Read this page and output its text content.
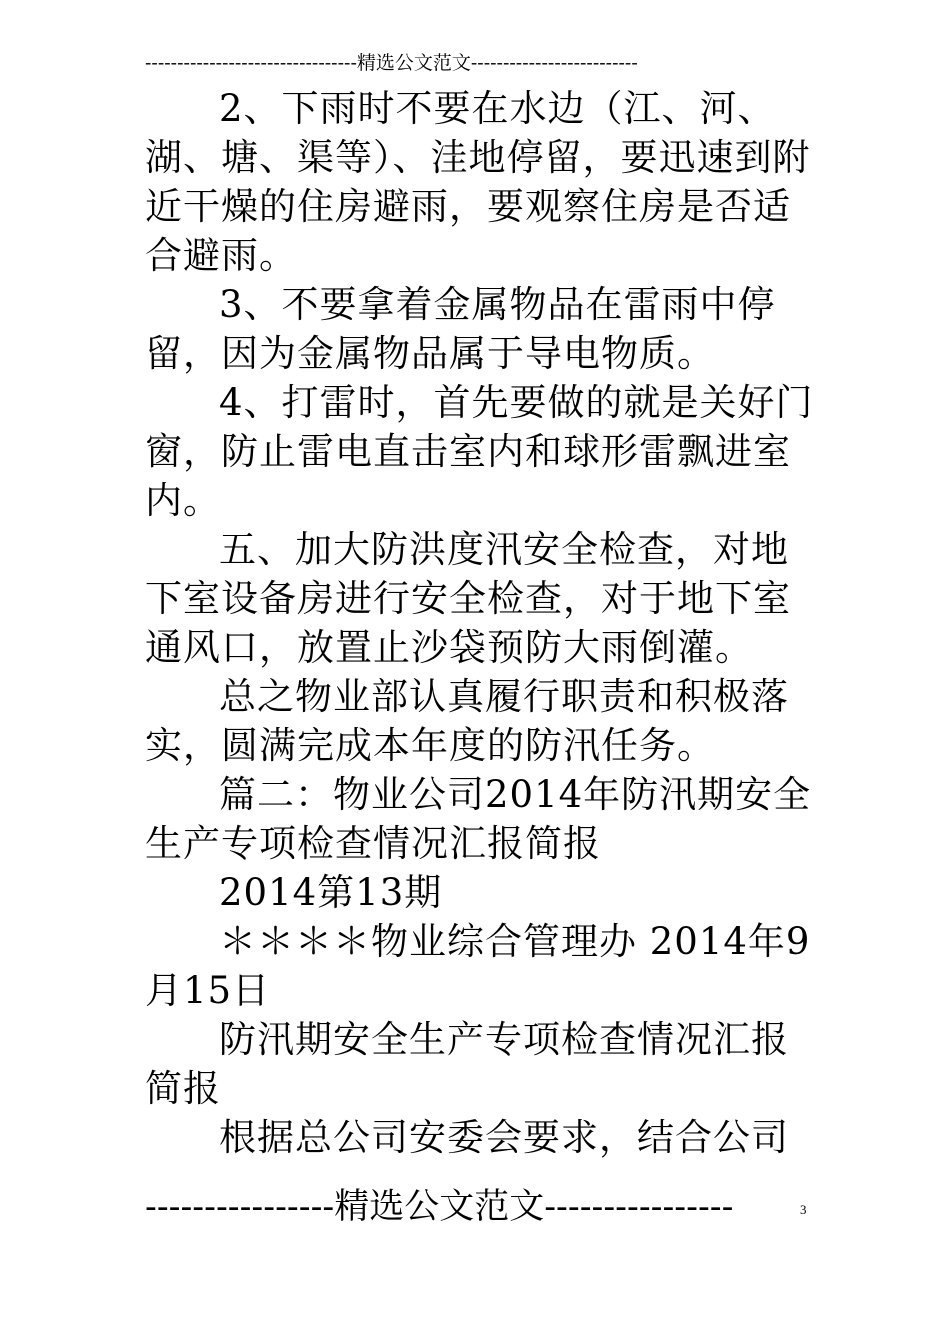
---------------------------------精选公文范文--------------------------

2、下雨时不要在水边（江、河、湖、塘、渠等）、洼地停留，要迅速到附近干燥的住房避雨，要观察住房是否适合避雨。

3、不要拿着金属物品在雷雨中停留，因为金属物品属于导电物质。

4、打雷时，首先要做的就是关好门窗，防止雷电直击室内和球形雷飘进室内。

五、加大防洪度汛安全检查，对地下室设备房进行安全检查，对于地下室通风口，放置止沙袋预防大雨倒灌。

总之物业部认真履行职责和积极落实，圆满完成本年度的防汛任务。

篇二：物业公司2014年防汛期安全生产专项检查情况汇报简报

2014第13期

＊＊＊＊物业综合管理办 2014年9月15日

防汛期安全生产专项检查情况汇报简报

根据总公司安委会要求，结合公司

----------------精选公文范文----------------	3
